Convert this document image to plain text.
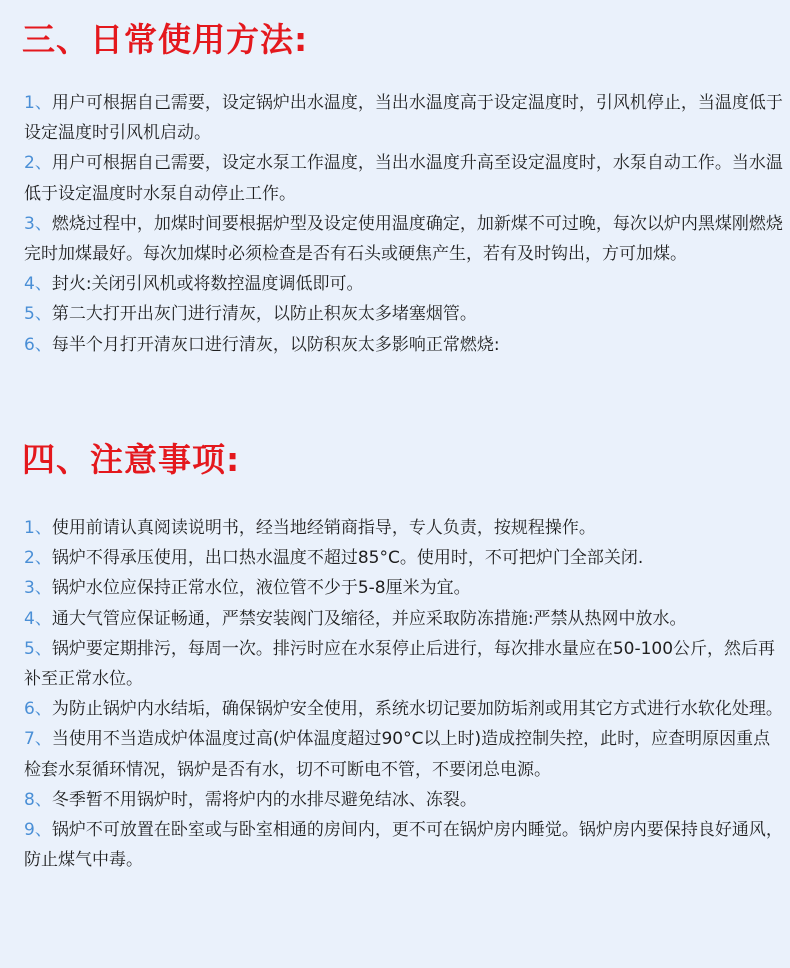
三、日常使用方法:
1、用户可根据自己需要，设定锅炉出水温度，当出水温度高于设定温度时，引风机停止，当温度低于设定温度时引风机启动。
2、用户可根据自己需要，设定水泵工作温度，当出水温度升高至设定温度时，水泵自动工作。当水温低于设定温度时水泵自动停止工作。
3、燃烧过程中，加煤时间要根据炉型及设定使用温度确定，加新煤不可过晚，每次以炉内黑煤刚燃烧完时加煤最好。每次加煤时必须检查是否有石头或硬焦产生，若有及时钩出，方可加煤。
4、封火:关闭引风机或将数控温度调低即可。
5、第二大打开出灰门进行清灰，以防止积灰太多堵塞烟管。
6、每半个月打开清灰口进行清灰，以防积灰太多影响正常燃烧:
四、注意事项:
1、使用前请认真阅读说明书，经当地经销商指导，专人负责，按规程操作。
2、锅炉不得承压使用，出口热水温度不超过85°C。使用时，不可把炉门全部关闭.
3、锅炉水位应保持正常水位，液位管不少于5-8厘米为宜。
4、通大气管应保证畅通，严禁安装阀门及缩径，并应采取防冻措施:严禁从热网中放水。
5、锅炉要定期排污，每周一次。排污时应在水泵停止后进行，每次排水量应在50-100公斤，然后再补至正常水位。
6、为防止锅炉内水结垢，确保锅炉安全使用，系统水切记要加防垢剂或用其它方式进行水软化处理。
7、当使用不当造成炉体温度过高(炉体温度超过90°C以上时)造成控制失控，此时，应查明原因重点检套水泵循环情况，锅炉是否有水，切不可断电不管，不要闭总电源。
8、冬季暂不用锅炉时，需将炉内的水排尽避免结冰、冻裂。
9、锅炉不可放置在卧室或与卧室相通的房间内，更不可在锅炉房内睡觉。锅炉房内要保持良好通风，防止煤气中毒。
